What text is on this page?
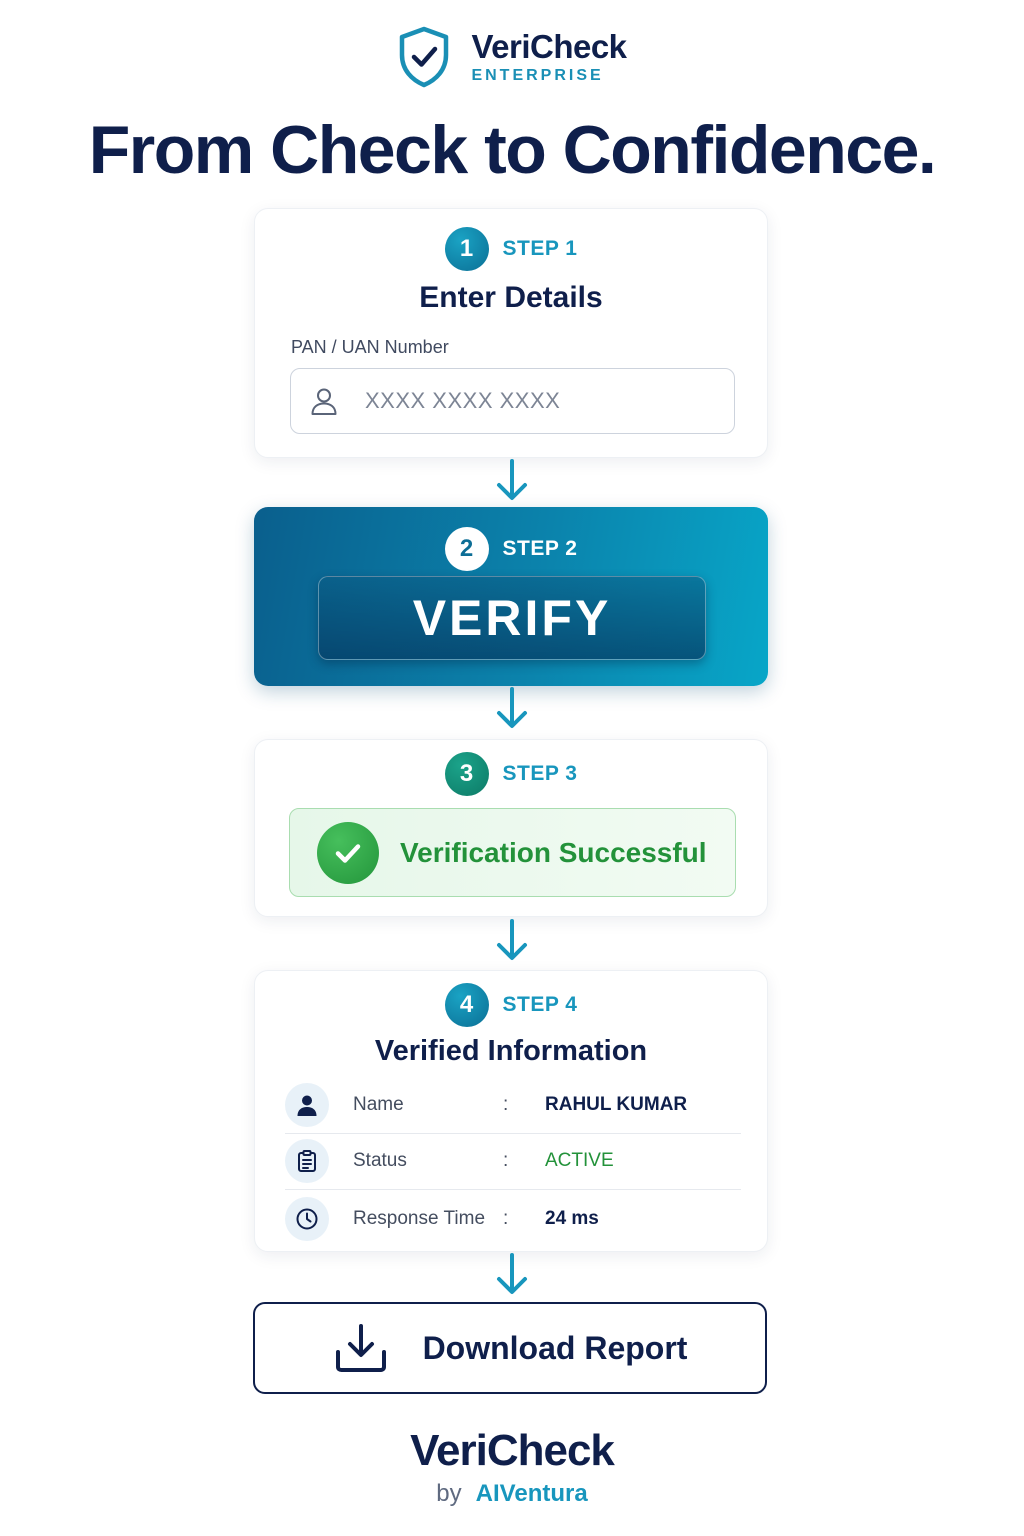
VeriCheck
ENTERPRISE
From Check to Confidence.
1	STEP 1
Enter Details
PAN / UAN Number
XXXX XXXX XXXX
2	STEP 2
VERIFY
3	STEP 3
Verification Successful
4	STEP 4
Verified Information
Name	:	RAHUL KUMAR
Status	:	ACTIVE
Response Time :	24 ms
Download Report
VeriCheck
by AIVentura
